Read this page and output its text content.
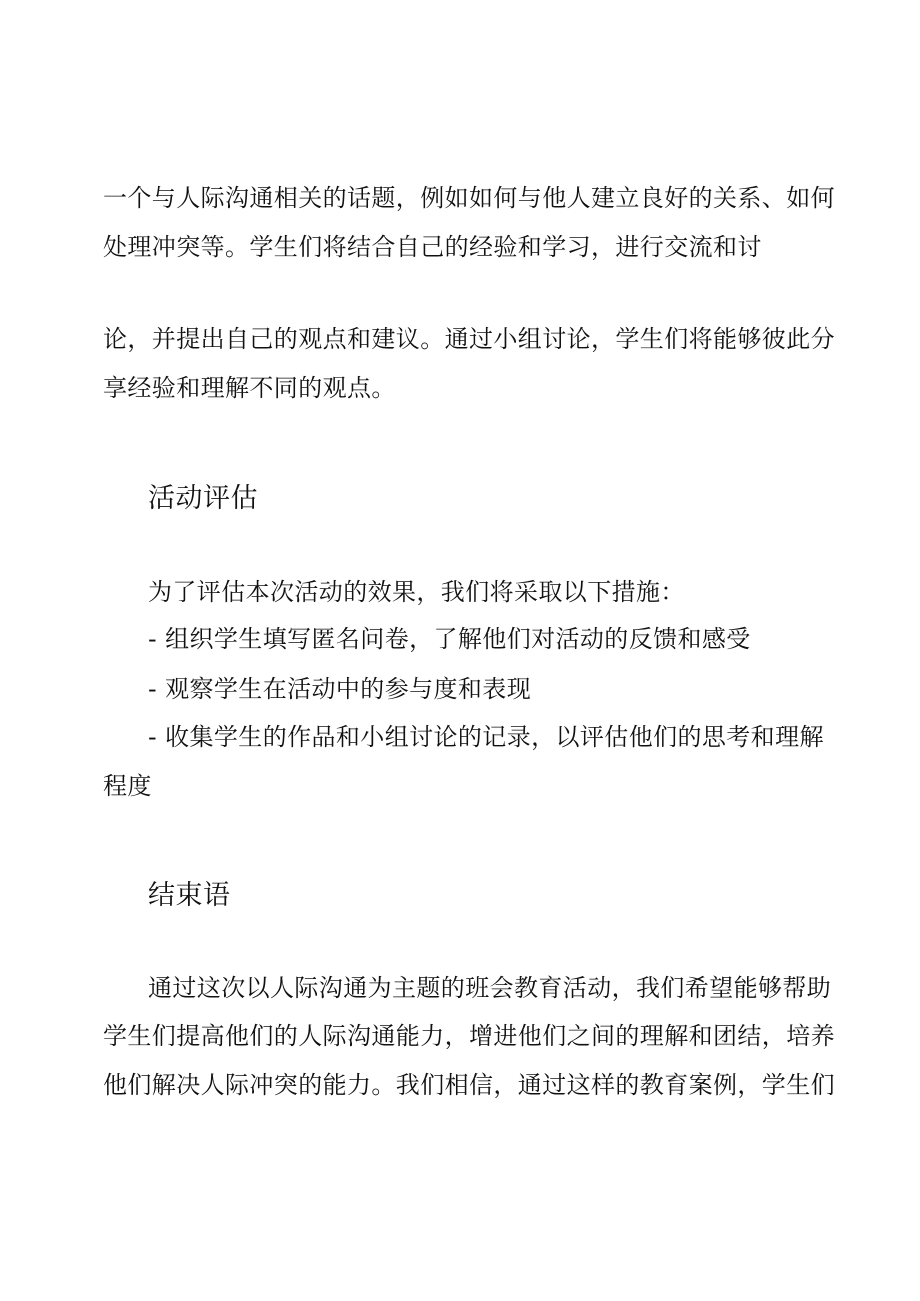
一个与人际沟通相关的话题，例如如何与他人建立良好的关系、如何
处理冲突等。学生们将结合自己的经验和学习，进行交流和讨
论，并提出自己的观点和建议。通过小组讨论，学生们将能够彼此分
享经验和理解不同的观点。
活动评估
为了评估本次活动的效果，我们将采取以下措施：
- 组织学生填写匿名问卷，了解他们对活动的反馈和感受
- 观察学生在活动中的参与度和表现
- 收集学生的作品和小组讨论的记录，以评估他们的思考和理解
程度
结束语
通过这次以人际沟通为主题的班会教育活动，我们希望能够帮助
学生们提高他们的人际沟通能力，增进他们之间的理解和团结，培养
他们解决人际冲突的能力。我们相信，通过这样的教育案例，学生们
